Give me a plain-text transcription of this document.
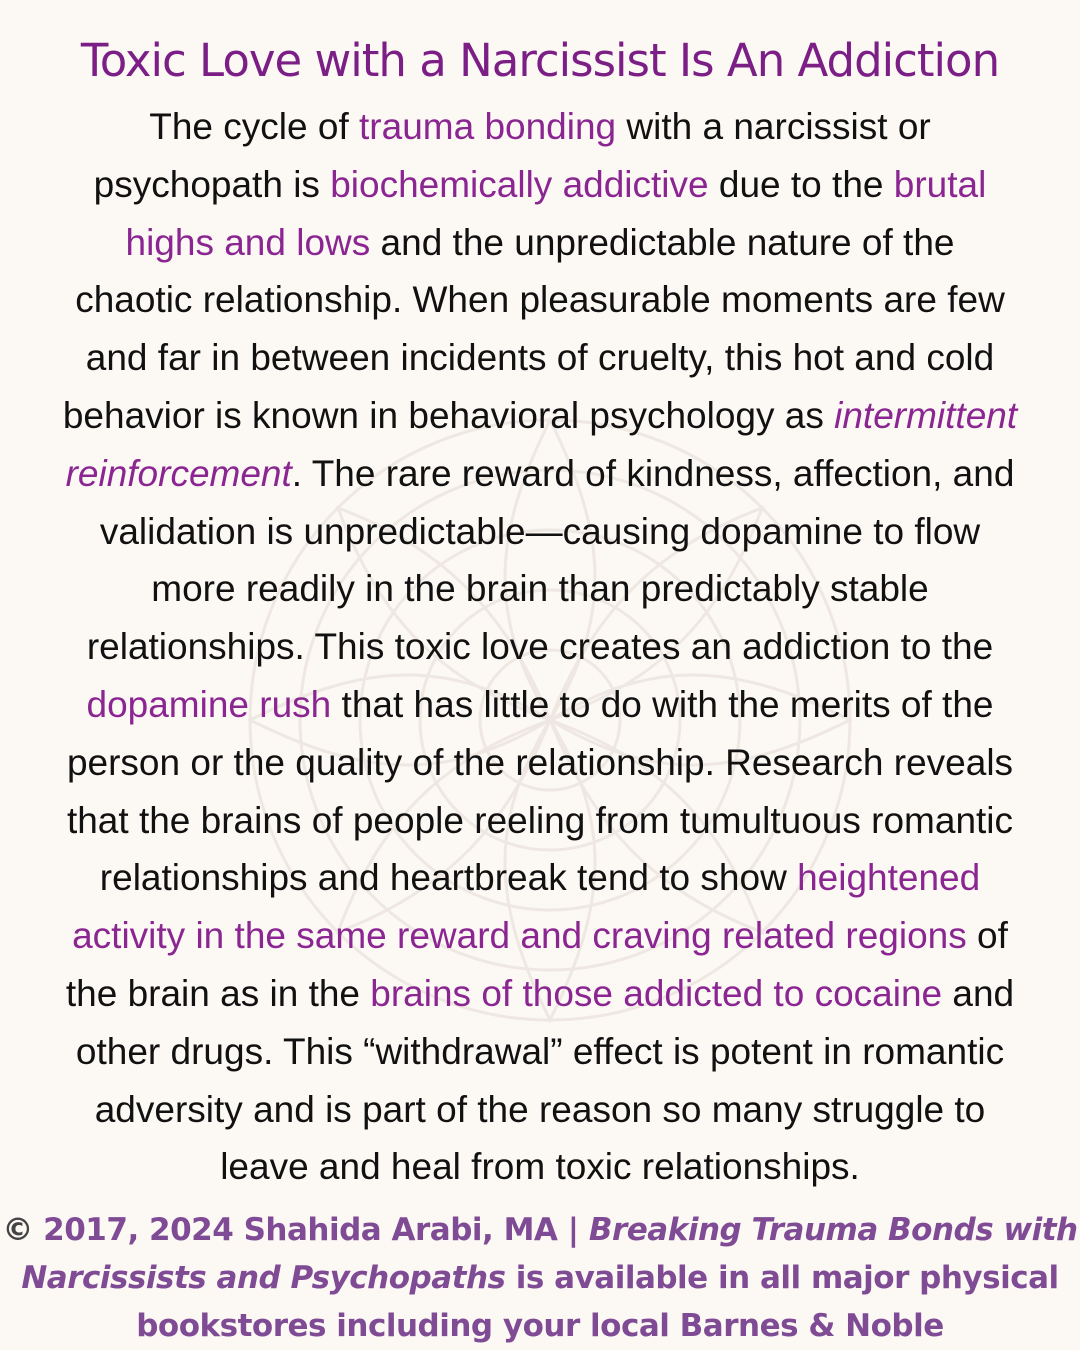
Toxic Love with a Narcissist Is An Addiction
The cycle of trauma bonding with a narcissist or
psychopath is biochemically addictive due to the brutal
highs and lows and the unpredictable nature of the
chaotic relationship. When pleasurable moments are few
and far in between incidents of cruelty, this hot and cold
behavior is known in behavioral psychology as intermittent
reinforcement. The rare reward of kindness, affection, and
validation is unpredictable—causing dopamine to flow
more readily in the brain than predictably stable
relationships. This toxic love creates an addiction to the
dopamine rush that has little to do with the merits of the
person or the quality of the relationship. Research reveals
that the brains of people reeling from tumultuous romantic
relationships and heartbreak tend to show heightened
activity in the same reward and craving related regions of
the brain as in the brains of those addicted to cocaine and
other drugs. This “withdrawal” effect is potent in romantic
adversity and is part of the reason so many struggle to
leave and heal from toxic relationships.
© 2017, 2024 Shahida Arabi, MA | Breaking Trauma Bonds with
Narcissists and Psychopaths is available in all major physical
bookstores including your local Barnes & Noble
